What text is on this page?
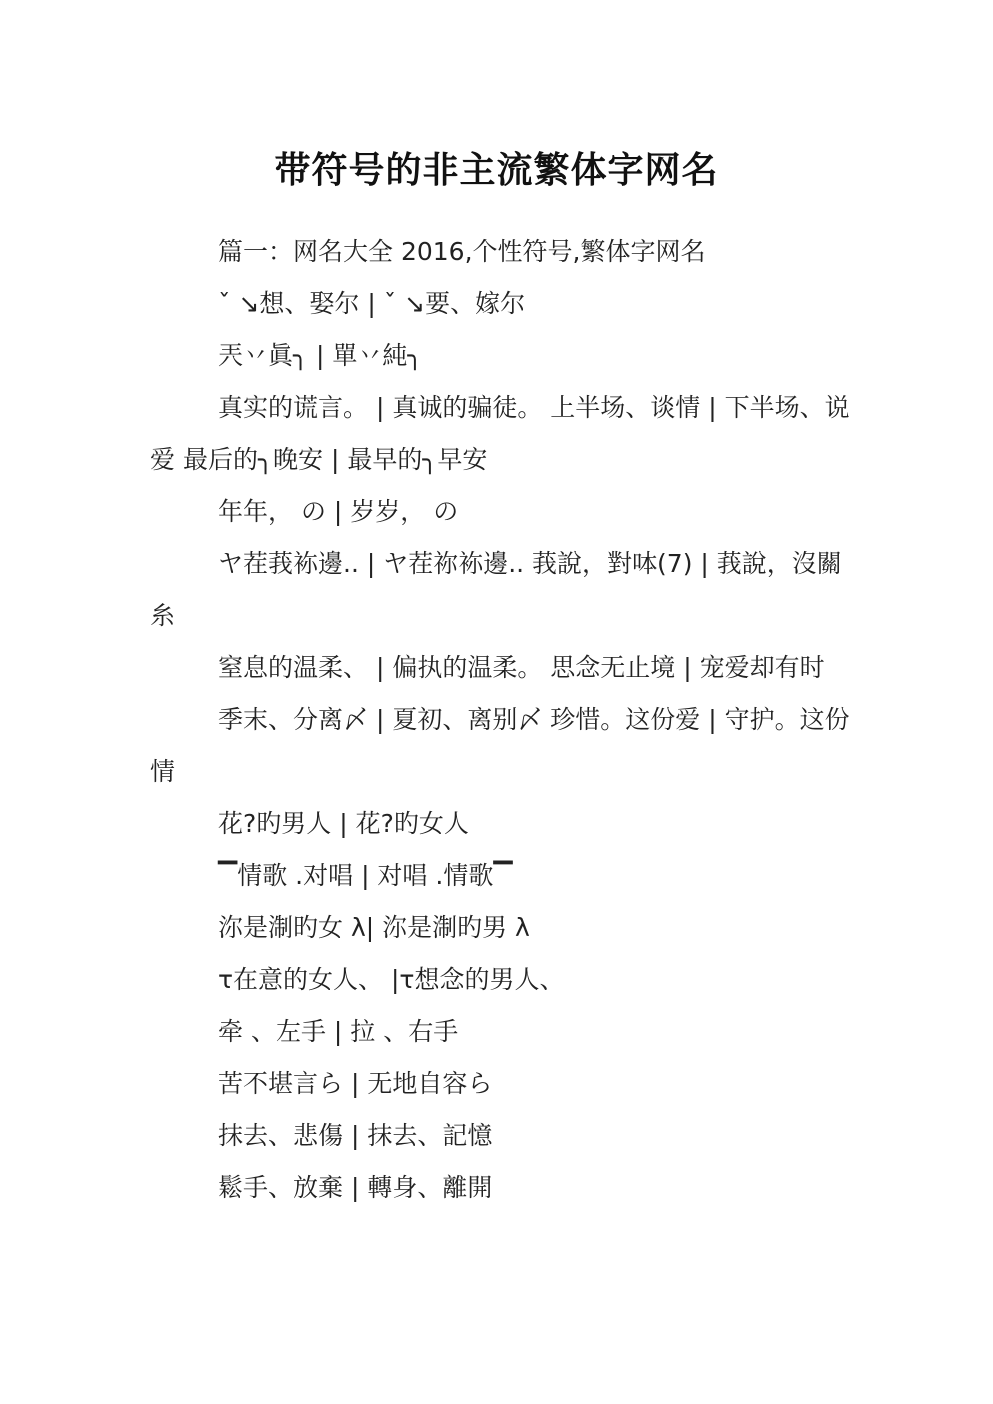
带符号的非主流繁体字网名

篇一：网名大全 2016,个性符号,繁体字网名

ˇ ↘想、娶尔 | ˇ ↘要、嫁尔

兲丷眞╮ | 單丷純╮

真实的谎言。 | 真诚的骗徒。 上半场、谈情 | 下半场、说爱 最后的╮晚安 | 最早的╮早安

年年， の | 岁岁， の

ヤ茬莪袮邊.. | ヤ茬祢袮邊.. 莪說，對呠(7) | 莪說，沒關糸

窒息的温柔、 | 偏执的温柔。 思念无止境 | 宠爱却有时

季末、分离〆 | 夏初、离别〆 珍惜。这份爱 | 守护。这份情

花?旳男人 | 花?旳女人

▔情歌 .对唱 | 对唱 .情歌▔

沵是淛旳女 λ| 沵是淛旳男 λ

τ在意的女人、 |τ想念的男人、

牵 、左手 | 拉 、右手

苦不堪言ら | 无地自容ら

抹去、悲傷 | 抹去、記憶

鬆手、放棄 | 轉身、離開
